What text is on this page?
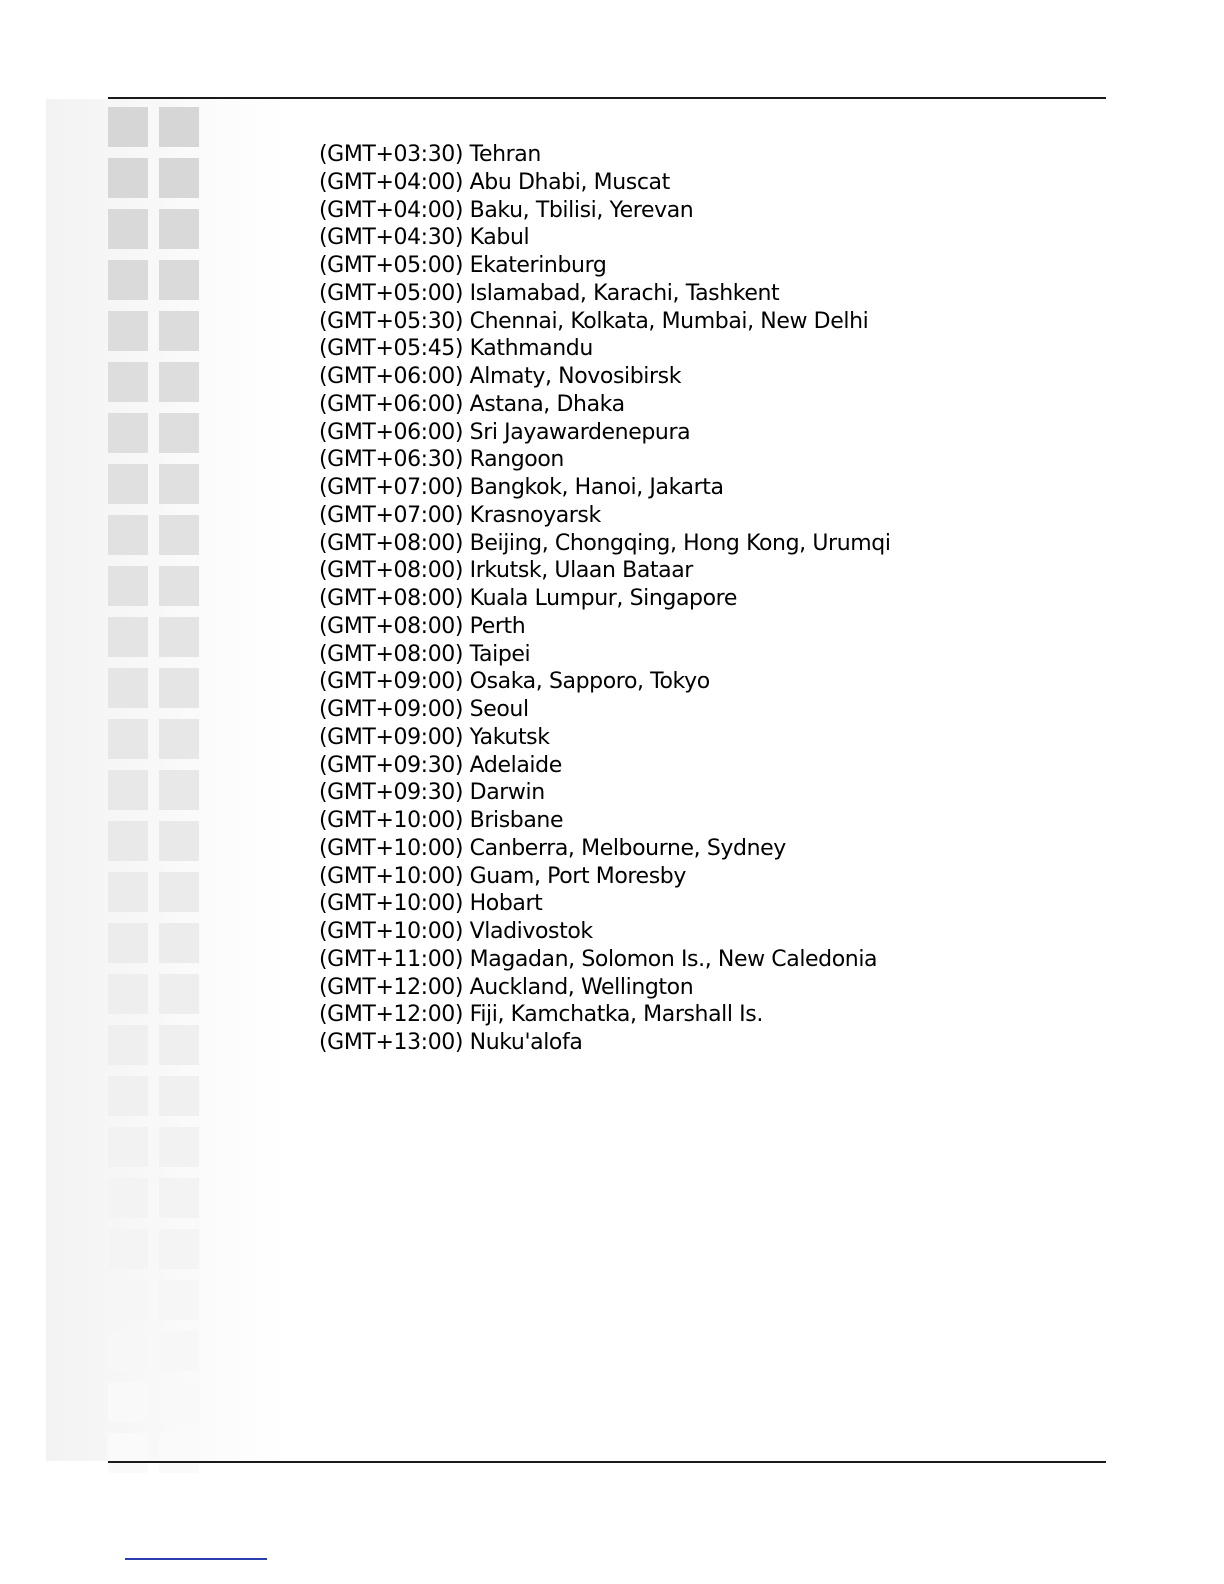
(GMT+03:30) Tehran
(GMT+04:00) Abu Dhabi, Muscat
(GMT+04:00) Baku, Tbilisi, Yerevan
(GMT+04:30) Kabul
(GMT+05:00) Ekaterinburg
(GMT+05:00) Islamabad, Karachi, Tashkent
(GMT+05:30) Chennai, Kolkata, Mumbai, New Delhi
(GMT+05:45) Kathmandu
(GMT+06:00) Almaty, Novosibirsk
(GMT+06:00) Astana, Dhaka
(GMT+06:00) Sri Jayawardenepura
(GMT+06:30) Rangoon
(GMT+07:00) Bangkok, Hanoi, Jakarta
(GMT+07:00) Krasnoyarsk
(GMT+08:00) Beijing, Chongqing, Hong Kong, Urumqi
(GMT+08:00) Irkutsk, Ulaan Bataar
(GMT+08:00) Kuala Lumpur, Singapore
(GMT+08:00) Perth
(GMT+08:00) Taipei
(GMT+09:00) Osaka, Sapporo, Tokyo
(GMT+09:00) Seoul
(GMT+09:00) Yakutsk
(GMT+09:30) Adelaide
(GMT+09:30) Darwin
(GMT+10:00) Brisbane
(GMT+10:00) Canberra, Melbourne, Sydney
(GMT+10:00) Guam, Port Moresby
(GMT+10:00) Hobart
(GMT+10:00) Vladivostok
(GMT+11:00) Magadan, Solomon Is., New Caledonia
(GMT+12:00) Auckland, Wellington
(GMT+12:00) Fiji, Kamchatka, Marshall Is.
(GMT+13:00) Nuku'alofa
